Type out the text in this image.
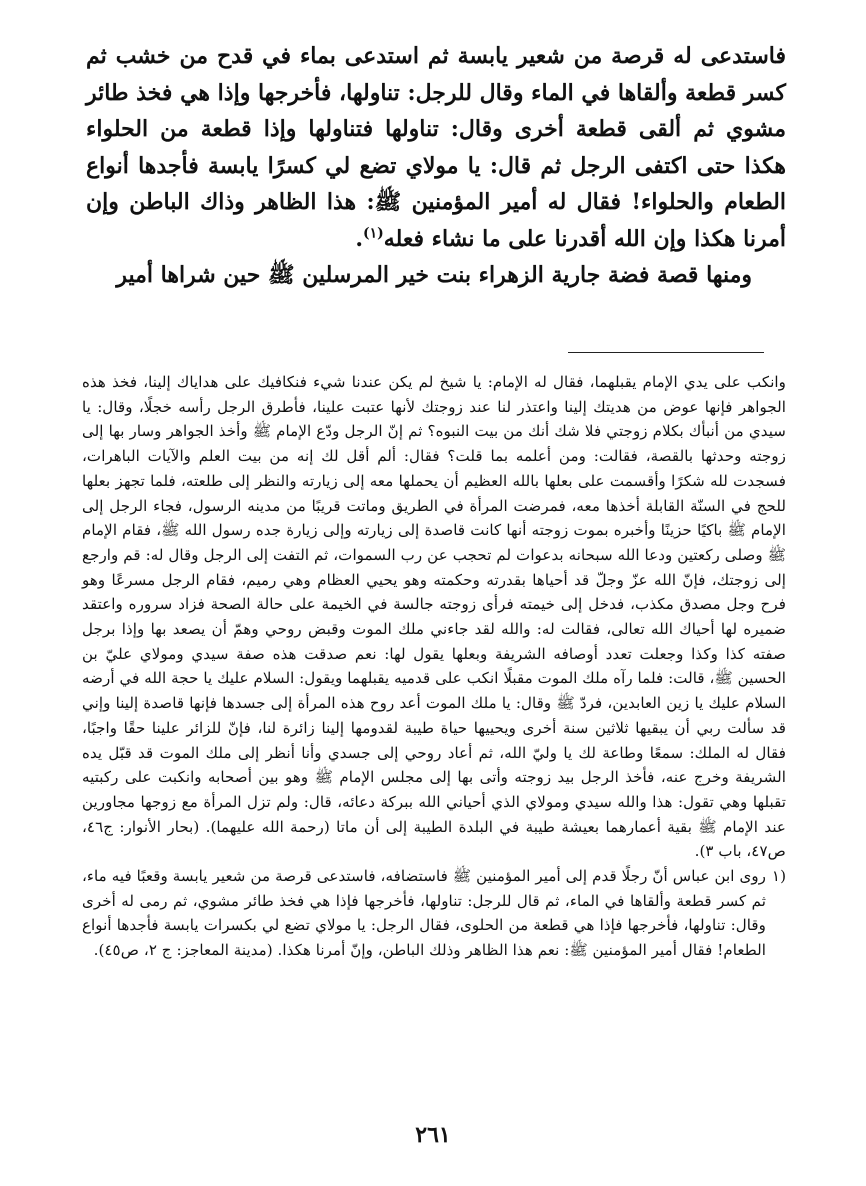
فاستدعى له قرصة من شعير يابسة ثم استدعى بماء في قدح من خشب ثم كسر قطعة وألقاها في الماء وقال للرجل: تناولها، فأخرجها وإذا هي فخذ طائر مشوي ثم ألقى قطعة أخرى وقال: تناولها فتناولها وإذا قطعة من الحلواء هكذا حتى اكتفى الرجل ثم قال: يا مولاي تضع لي كسرًا يابسة فأجدها أنواع الطعام والحلواء! فقال له أمير المؤمنين ﷺ: هذا الظاهر وذاك الباطن وإن أمرنا هكذا وإن الله أقدرنا على ما نشاء فعله$^{(١)}$.

ومنها قصة فضة جارية الزهراء بنت خير المرسلين ﷺ حين شراها أمير

وانكب على يدي الإمام يقبلهما، فقال له الإمام: يا شيخ لم يكن عندنا شيء فنكافيك على هداياك إلينا، فخذ هذه الجواهر فإنها عوض من هديتك إلينا واعتذر لنا عند زوجتك لأنها عتبت علينا، فأطرق الرجل رأسه خجلًا، وقال: يا سيدي من أنبأك بكلام زوجتي فلا شك أنك من بيت النبوه؟ ثم إنّ الرجل ودّع الإمام ﷺ وأخذ الجواهر وسار بها إلى زوجته وحدثها بالقصة، فقالت: ومن أعلمه بما قلت؟ فقال: ألم أقل لك إنه من بيت العلم والآيات الباهرات، فسجدت لله شكرًا وأقسمت على بعلها بالله العظيم أن يحملها معه إلى زيارته والنظر إلى طلعته، فلما تجهز بعلها للحج في السنّة القابلة أخذها معه، فمرضت المرأة في الطريق وماتت قريبًا من مدينه الرسول، فجاء الرجل إلى الإمام ﷺ باكيًا حزينًا وأخبره بموت زوجته أنها كانت قاصدة إلى زيارته وإلى زيارة جده رسول الله ﷺ، فقام الإمام ﷺ وصلى ركعتين ودعا الله سبحانه بدعوات لم تحجب عن رب السموات، ثم التفت إلى الرجل وقال له: قم وارجع إلى زوجتك، فإنّ الله عزّ وجلّ قد أحياها بقدرته وحكمته وهو يحيي العظام وهي رميم، فقام الرجل مسرعًا وهو فرح وجل مصدق مكذب، فدخل إلى خيمته فرأى زوجته جالسة في الخيمة على حالة الصحة فزاد سروره واعتقد ضميره لها أحياك الله تعالى، فقالت له: والله لقد جاءني ملك الموت وقبض روحي وهمّ أن يصعد بها وإذا برجل صفته كذا وكذا وجعلت تعدد أوصافه الشريفة وبعلها يقول لها: نعم صدقت هذه صفة سيدي ومولاي عليّ بن الحسين ﷺ، قالت: فلما رآه ملك الموت مقبلًا انكب على قدميه يقبلهما ويقول: السلام عليك يا حجة الله في أرضه السلام عليك يا زين العابدين، فردّ ﷺ وقال: يا ملك الموت أعد روح هذه المرأة إلى جسدها فإنها قاصدة إلينا وإني قد سألت ربي أن يبقيها ثلاثين سنة أخرى ويحييها حياة طيبة لقدومها إلينا زائرة لنا، فإنّ للزائر علينا حقًا واجبًا، فقال له الملك: سمعًا وطاعة لك يا وليّ الله، ثم أعاد روحي إلى جسدي وأنا أنظر إلى ملك الموت قد قبّل يده الشريفة وخرج عنه، فأخذ الرجل بيد زوجته وأتى بها إلى مجلس الإمام ﷺ وهو بين أصحابه وانكبت على ركبتيه تقبلها وهي تقول: هذا والله سيدي ومولاي الذي أحياني الله ببركة دعائه، قال: ولم تزل المرأة مع زوجها مجاورين عند الإمام ﷺ بقية أعمارهما بعيشة طيبة في البلدة الطيبة إلى أن ماتا (رحمة الله عليهما). (بحار الأنوار: ج٤٦، ص٤٧، باب ٣).

(١
روى ابن عباس أنّ رجلًا قدم إلى أمير المؤمنين ﷺ فاستضافه، فاستدعى قرصة من شعير يابسة وقعبًا فيه ماء، ثم كسر قطعة وألقاها في الماء، ثم قال للرجل: تناولها، فأخرجها فإذا هي فخذ طائر مشوي، ثم رمى له أخرى وقال: تناولها، فأخرجها فإذا هي قطعة من الحلوى، فقال الرجل: يا مولاي تضع لي بكسرات يابسة فأجدها أنواع الطعام! فقال أمير المؤمنين ﷺ: نعم هذا الظاهر وذلك الباطن، وإنّ أمرنا هكذا. (مدينة المعاجز: ج ٢، ص٤٥).

٢٦١
